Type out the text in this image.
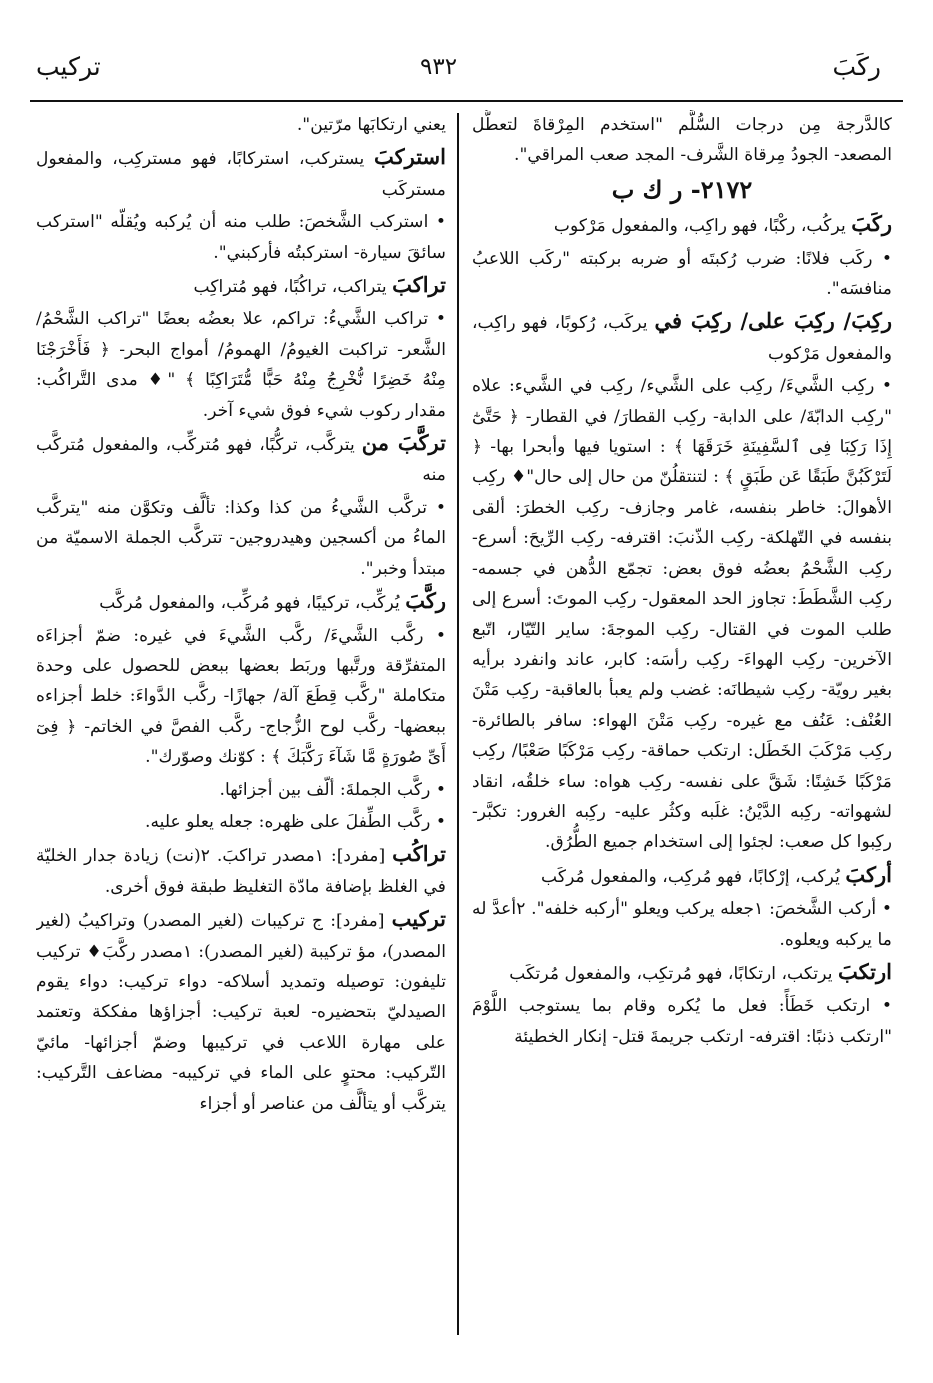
تركيب	٩٣٢	ركَبَ

كالدَّرجة مِن درجات السُّلَّم "استخدم المِرْقاةَ لتعطُّل المصعد- الجودُ مِرقاة الشَّرف- المجد صعب المراقي".

٢١٧٢- ر ك ب

ركَبَ يركُب، ركْبًا، فهو راكِب، والمفعول مَرْكوب

• ركَب فلانًا: ضرب رُكبتَه أو ضربه بركبته "ركَب اللاعبُ منافسَه".

ركِبَ/ ركِبَ على/ ركِبَ في يركَب، رُكوبًا، فهو راكِب، والمفعول مَرْكوب

• ركِب الشَّيءَ/ ركِب على الشَّيء/ ركِب في الشَّيء: علاه "ركِب الدابّةَ/ على الدابة- ركِب القطارَ/ في القطار- ﴿ حَتَّىٰٓ إِذَا رَكِبَا فِى ٱلسَّفِينَةِ خَرَقَهَا ﴾ : استويا فيها وأبحرا بها- ﴿ لَتَرْكَبُنَّ طَبَقًا عَن طَبَقٍ ﴾ : لتنتقلُنّ من حال إلى حال"♦ ركِب الأهوالَ: خاطر بنفسه، غامر وجازف- ركِب الخطرَ: ألقى بنفسه في التّهلكة- ركِب الذّنبَ: اقترفه- ركِب الرِّيحَ: أسرع- ركِب الشَّحْمُ بعضُه فوق بعض: تجمّع الدُّهن في جسمه- ركِب الشَّطَطَ: تجاوز الحد المعقول- ركِب الموتَ: أسرع إلى طلب الموت في القتال- ركِب الموجةَ: ساير التّيّار، اتّبع الآخرين- ركِب الهواءَ- ركِب رأسَه: كابر، عاند وانفرد برأيه بغير رويّة- ركِب شيطانَه: غضب ولم يعبأ بالعاقبة- ركِب مَتْنَ العُنْف: عَنُف مع غيره- ركِب مَتْنَ الهواء: سافر بالطائرة- ركِب مَرْكَبَ الخَطَل: ارتكب حماقة- ركِب مَرْكَبًا صَعْبًا/ ركِب مَرْكَبًا خَشِنًا: شَقَّ على نفسه- ركِب هواه: ساء خلقُه، انقاد لشهواته- ركِبه الدَّيْنُ: غلَبه وكثُر عليه- ركِبه الغرور: تكبَّر- ركِبوا كل صعب: لجئوا إلى استخدام جميع الطُّرُق.

أركبَ يُركب، إرْكابًا، فهو مُركِب، والمفعول مُركَب

• أركب الشَّخصَ: ١جعله يركب ويعلو "أركبه خلفه". ٢أعدَّ له ما يركبه ويعلوه.

ارتكبَ يرتكب، ارتكابًا، فهو مُرتكِب، والمفعول مُرتكَب

• ارتكب خَطَأً: فعل ما يُكره وقام بما يستوجب اللَّوْمَ "ارتكب ذنبًا: اقترفه- ارتكب جريمةَ قتل- إنكار الخطيئة

يعني ارتكابَها مرّتين".

استركبَ يستركب، استركابًا، فهو مستركِب، والمفعول مستركَب

• استركب الشَّخصَ: طلب منه أن يُركبه ويُقلّه "استركب سائقَ سيارة- استركبتُه فأركبني".

تراكبَ يتراكب، تراكُبًا، فهو مُتراكِب

• تراكب الشَّيءُ: تراكم، علا بعضُه بعضًا "تراكب الشَّحْمُ/ الشَّعر- تراكبت الغيومُ/ الهمومُ/ أمواج البحر- ﴿ فَأَخْرَجْنَا مِنْهُ خَضِرًا نُّخْرِجُ مِنْهُ حَبًّا مُّتَرَاكِبًا ﴾ "♦ مدى التَّراكُب: مقدار ركوب شيء فوق شيء آخر.

تركَّبَ من يتركَّب، تركُّبًا، فهو مُتركِّب، والمفعول مُتركَّب منه

• تركَّب الشَّيءُ من كذا وكذا: تألَّف وتكوَّن منه "يتركَّب الماءُ من أكسجين وهيدروجين- تتركَّب الجملة الاسميّة من مبتدأ وخبر".

ركَّبَ يُركِّب، تركيبًا، فهو مُركِّب، والمفعول مُركَّب

• ركَّب الشَّيءَ/ ركَّب الشَّيءَ في غيره: ضمّ أجزاءَه المتفرِّقة ورتَّبها وربَط بعضها ببعض للحصول على وحدة متكاملة "ركَّب قِطَعَ آلة/ جهازًا- ركَّب الدَّواءَ: خلط أجزاءه ببعضها- ركَّب لوح الزُّجاج- ركَّب الفصَّ في الخاتم- ﴿ فِىٓ أَىِّ صُورَةٍ مَّا شَآءَ رَكَّبَكَ ﴾ : كوّنك وصوّرك".

• ركَّب الجملةَ: ألّف بين أجزائها.

• ركَّب الطِّفلَ على ظهره: جعله يعلو عليه.

تراكُب [مفرد]: ١مصدر تراكبَ. ٢(نت) زيادة جدار الخليّة في الغلظ بإضافة مادّة التغليظ طبقة فوق أخرى.

تركيب [مفرد]: ج تركيبات (لغير المصدر) وتراكيبُ (لغير المصدر)، مؤ تركيبة (لغير المصدر): ١مصدر ركَّبَ♦ تركيب تليفون: توصيله وتمديد أسلاكه- دواء تركيب: دواء يقوم الصيدليّ بتحضيره- لعبة تركيب: أجزاؤها مفككة وتعتمد على مهارة اللاعب في تركيبها وضمّ أجزائها- مائيّ التّركيب: محتوٍ على الماء في تركيبه- مضاعف التَّركيب: يتركَّب أو يتألَّف من عناصر أو أجزاء
